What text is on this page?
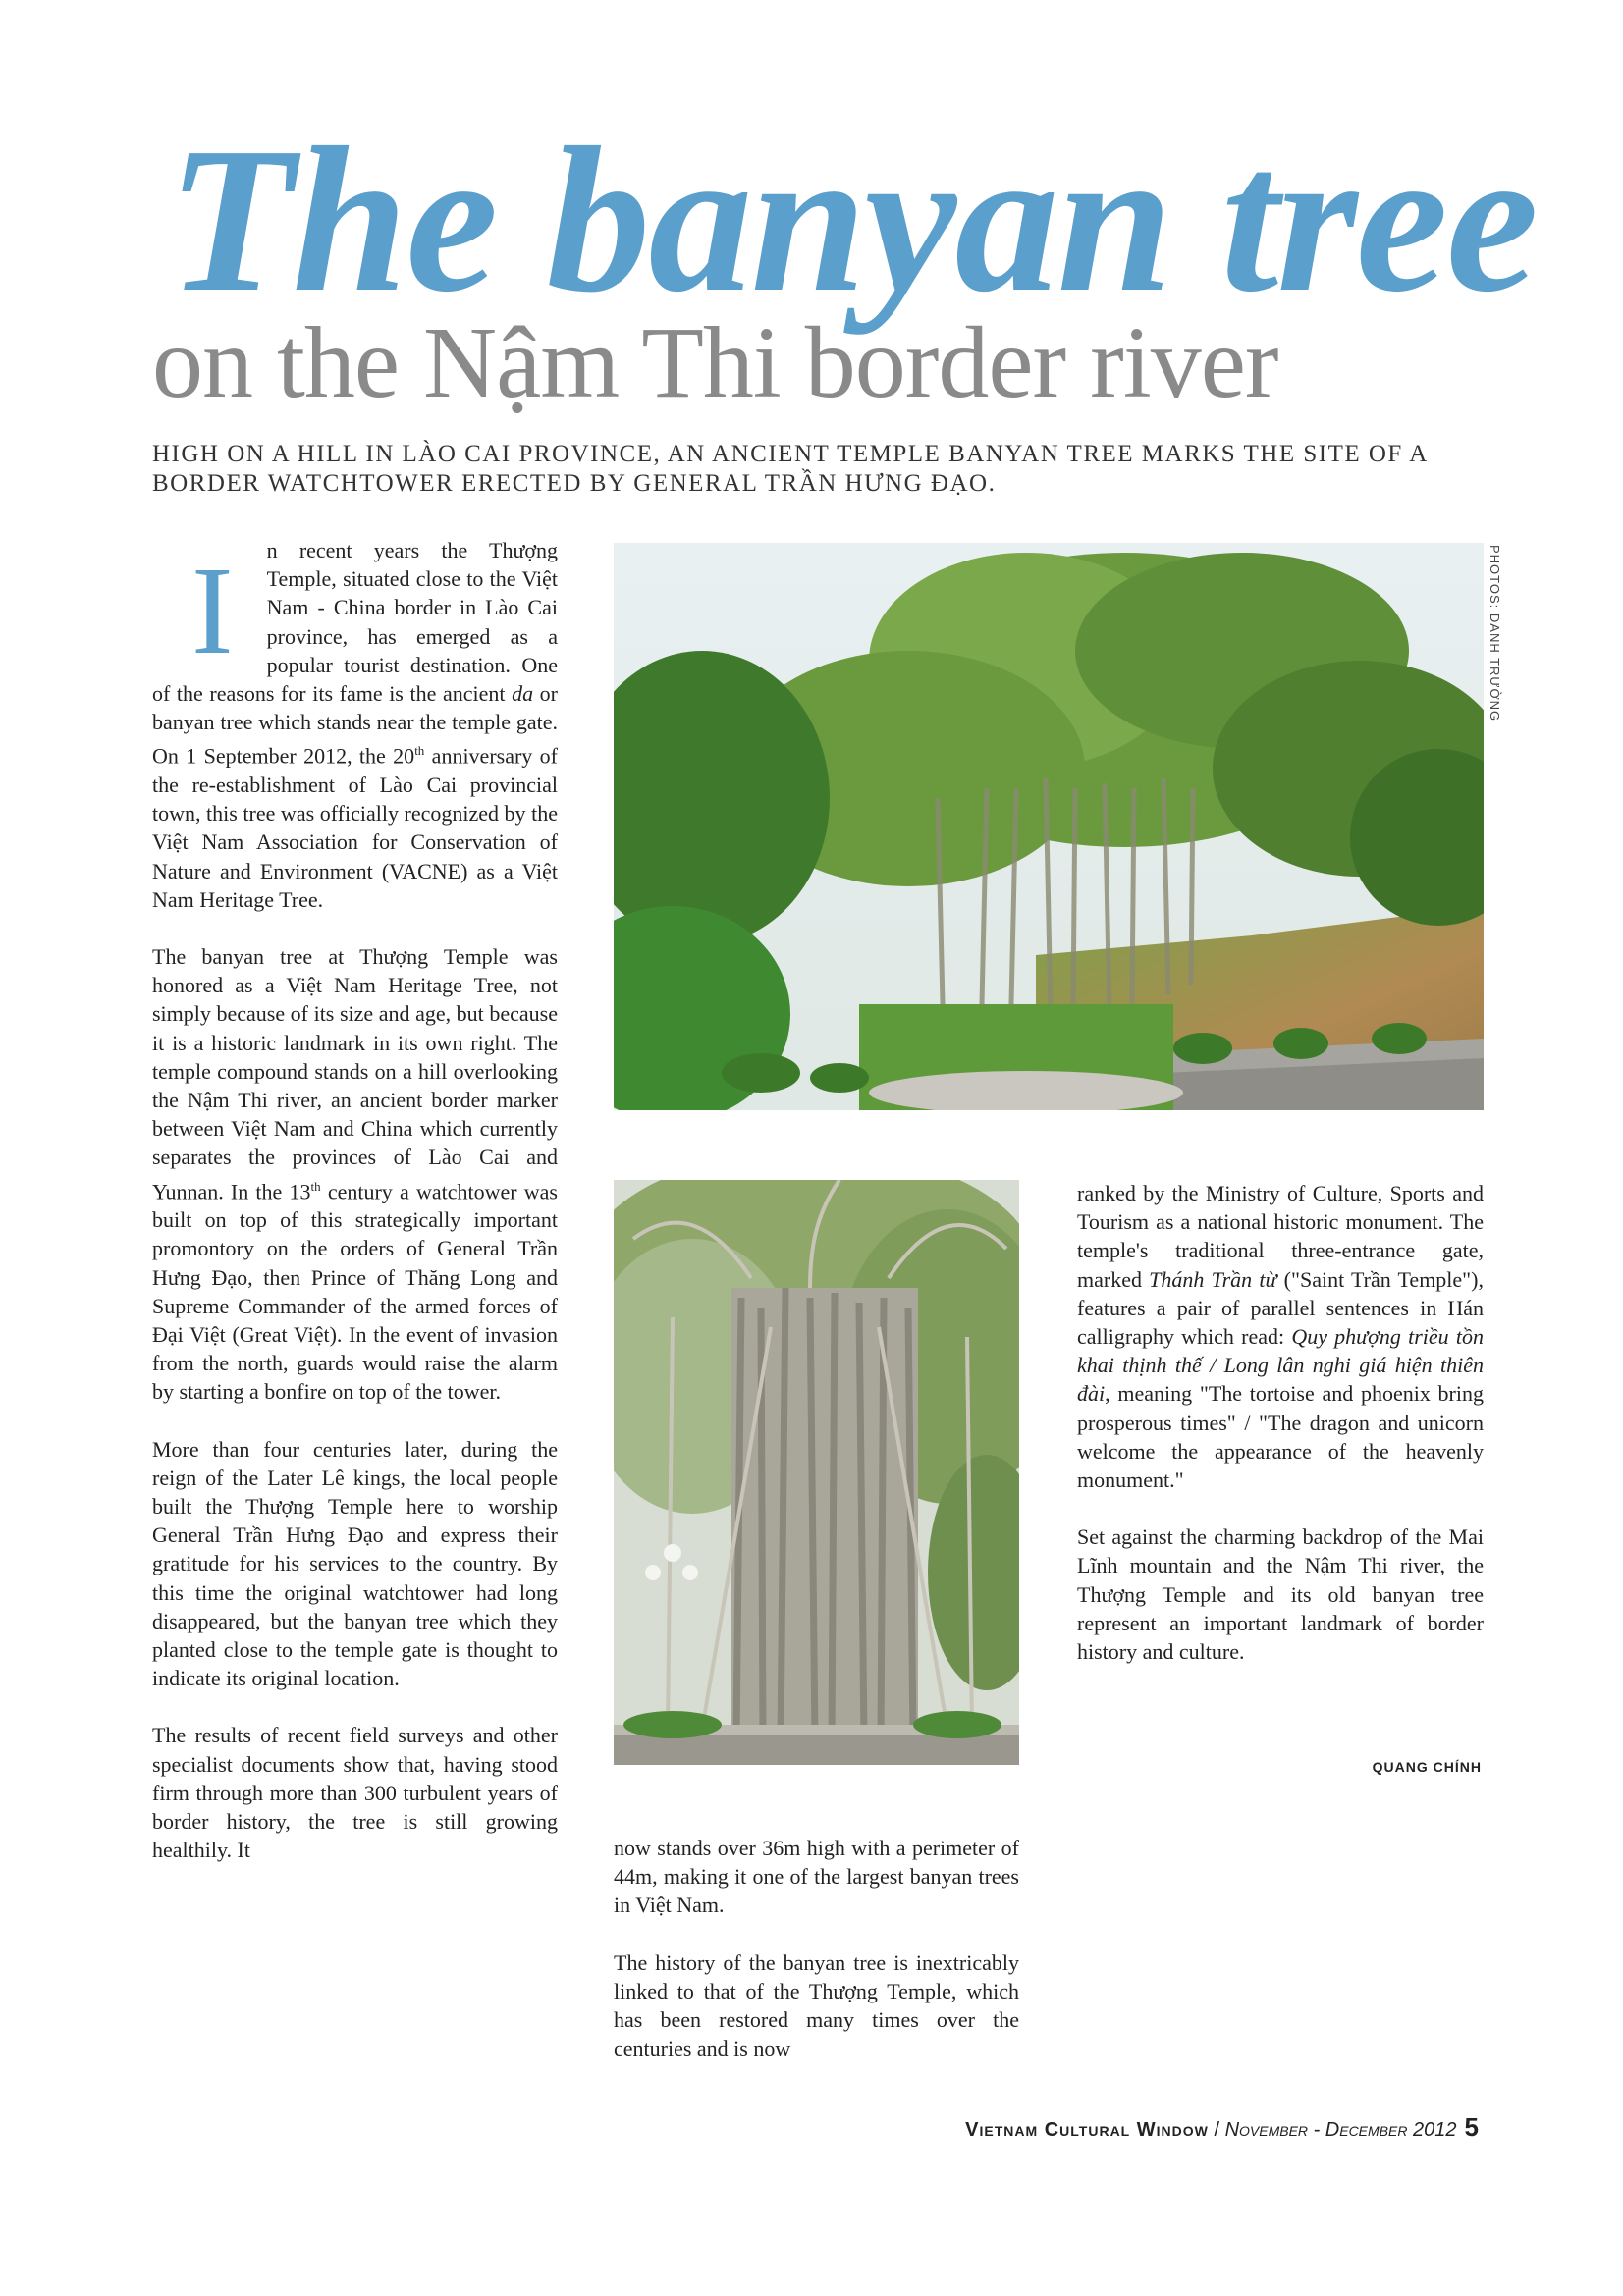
The banyan tree
on the Nậm Thi border river

HIGH ON A HILL IN LÀO CAI PROVINCE, AN ANCIENT TEMPLE BANYAN TREE MARKS THE SITE OF A BORDER WATCHTOWER ERECTED BY GENERAL TRẦN HƯNG ĐẠO.

I n recent years the Thượng Temple, situated close to the Việt Nam - China border in Lào Cai province, has emerged as a popular tourist destination. One of the reasons for its fame is the ancient da or banyan tree which stands near the temple gate. On 1 September 2012, the 20th anniversary of the re-establishment of Lào Cai provincial town, this tree was officially recognized by the Việt Nam Association for Conservation of Nature and Environment (VACNE) as a Việt Nam Heritage Tree.

The banyan tree at Thượng Temple was honored as a Việt Nam Heritage Tree, not simply because of its size and age, but because it is a historic landmark in its own right. The temple compound stands on a hill overlooking the Nậm Thi river, an ancient border marker between Việt Nam and China which currently separates the provinces of Lào Cai and Yunnan. In the 13th century a watchtower was built on top of this strategically important promontory on the orders of General Trần Hưng Đạo, then Prince of Thăng Long and Supreme Commander of the armed forces of Đại Việt (Great Việt). In the event of invasion from the north, guards would raise the alarm by starting a bonfire on top of the tower.

More than four centuries later, during the reign of the Later Lê kings, the local people built the Thượng Temple here to worship General Trần Hưng Đạo and express their gratitude for his services to the country. By this time the original watchtower had long disappeared, but the banyan tree which they planted close to the temple gate is thought to indicate its original location.

The results of recent field surveys and other specialist documents show that, having stood firm through more than 300 turbulent years of border history, the tree is still growing healthily. It

PHOTOS: DANH TRƯỜNG

now stands over 36m high with a perimeter of 44m, making it one of the largest banyan trees in Việt Nam.

The history of the banyan tree is inextricably linked to that of the Thượng Temple, which has been restored many times over the centuries and is now

ranked by the Ministry of Culture, Sports and Tourism as a national historic monument. The temple's traditional three-entrance gate, marked Thánh Trần từ ("Saint Trần Temple"), features a pair of parallel sentences in Hán calligraphy which read: Quy phượng triều tồn khai thịnh thế / Long lân nghi giá hiện thiên đài, meaning "The tortoise and phoenix bring prosperous times" / "The dragon and unicorn welcome the appearance of the heavenly monument."

Set against the charming backdrop of the Mai Lĩnh mountain and the Nậm Thi river, the Thượng Temple and its old banyan tree represent an important landmark of border history and culture.

QUANG CHÍNH
Vietnam Cultural Window / November - December 2012 5
